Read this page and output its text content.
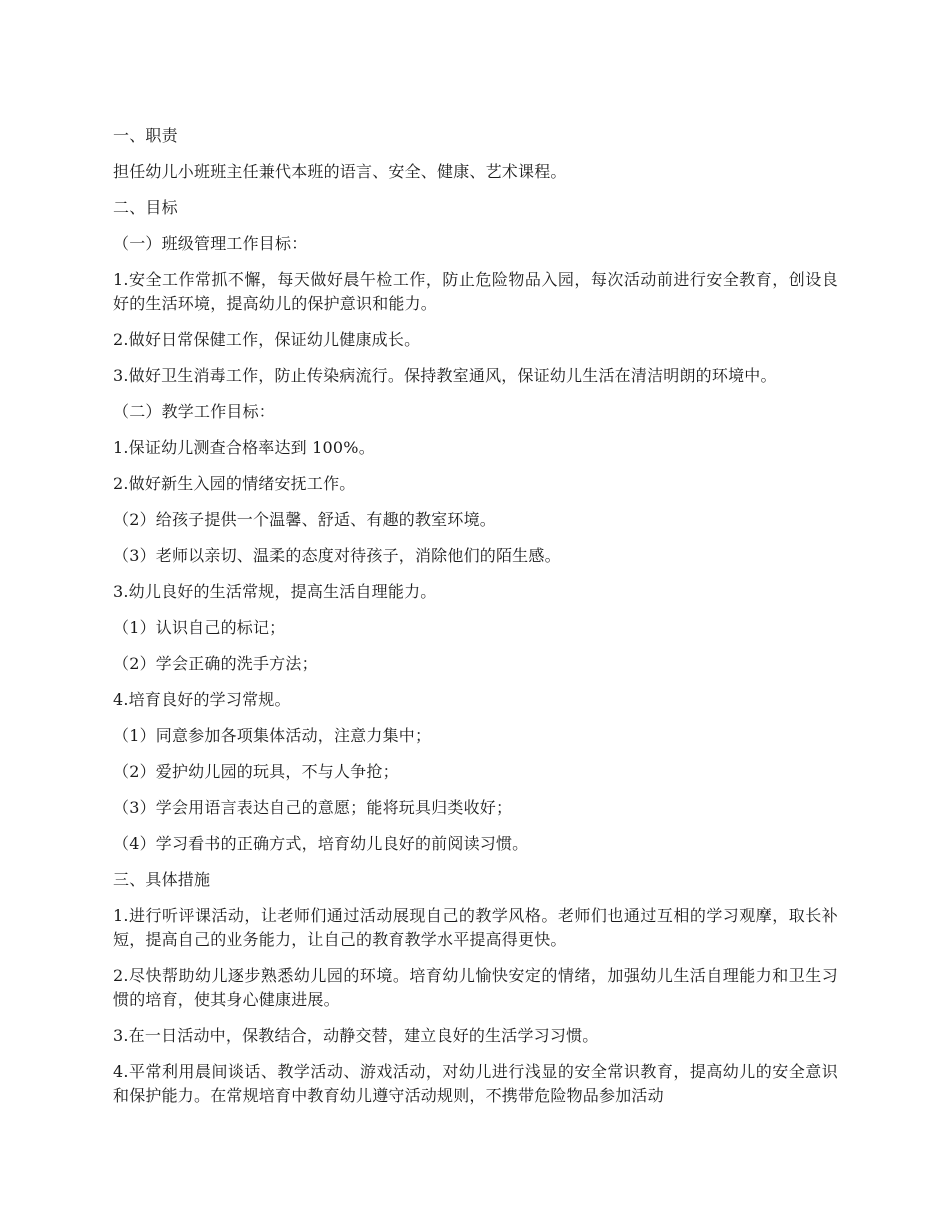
一、职责

担任幼儿小班班主任兼代本班的语言、安全、健康、艺术课程。

二、目标

（一）班级管理工作目标：

1.安全工作常抓不懈，每天做好晨午检工作，防止危险物品入园，每次活动前进行安全教育，创设良好的生活环境，提高幼儿的保护意识和能力。

2.做好日常保健工作，保证幼儿健康成长。

3.做好卫生消毒工作，防止传染病流行。保持教室通风，保证幼儿生活在清洁明朗的环境中。

（二）教学工作目标：

1.保证幼儿测查合格率达到 100%。

2.做好新生入园的情绪安抚工作。

（2）给孩子提供一个温馨、舒适、有趣的教室环境。

（3）老师以亲切、温柔的态度对待孩子，消除他们的陌生感。

3.幼儿良好的生活常规，提高生活自理能力。

（1）认识自己的标记；

（2）学会正确的洗手方法；

4.培育良好的学习常规。

（1）同意参加各项集体活动，注意力集中；

（2）爱护幼儿园的玩具，不与人争抢；

（3）学会用语言表达自己的意愿；能将玩具归类收好；

（4）学习看书的正确方式，培育幼儿良好的前阅读习惯。

三、具体措施

1.进行听评课活动，让老师们通过活动展现自己的教学风格。老师们也通过互相的学习观摩，取长补短，提高自己的业务能力，让自己的教育教学水平提高得更快。

2.尽快帮助幼儿逐步熟悉幼儿园的环境。培育幼儿愉快安定的情绪，加强幼儿生活自理能力和卫生习惯的培育，使其身心健康进展。

3.在一日活动中，保教结合，动静交替，建立良好的生活学习习惯。

4.平常利用晨间谈话、教学活动、游戏活动，对幼儿进行浅显的安全常识教育，提高幼儿的安全意识和保护能力。在常规培育中教育幼儿遵守活动规则，不携带危险物品参加活动
